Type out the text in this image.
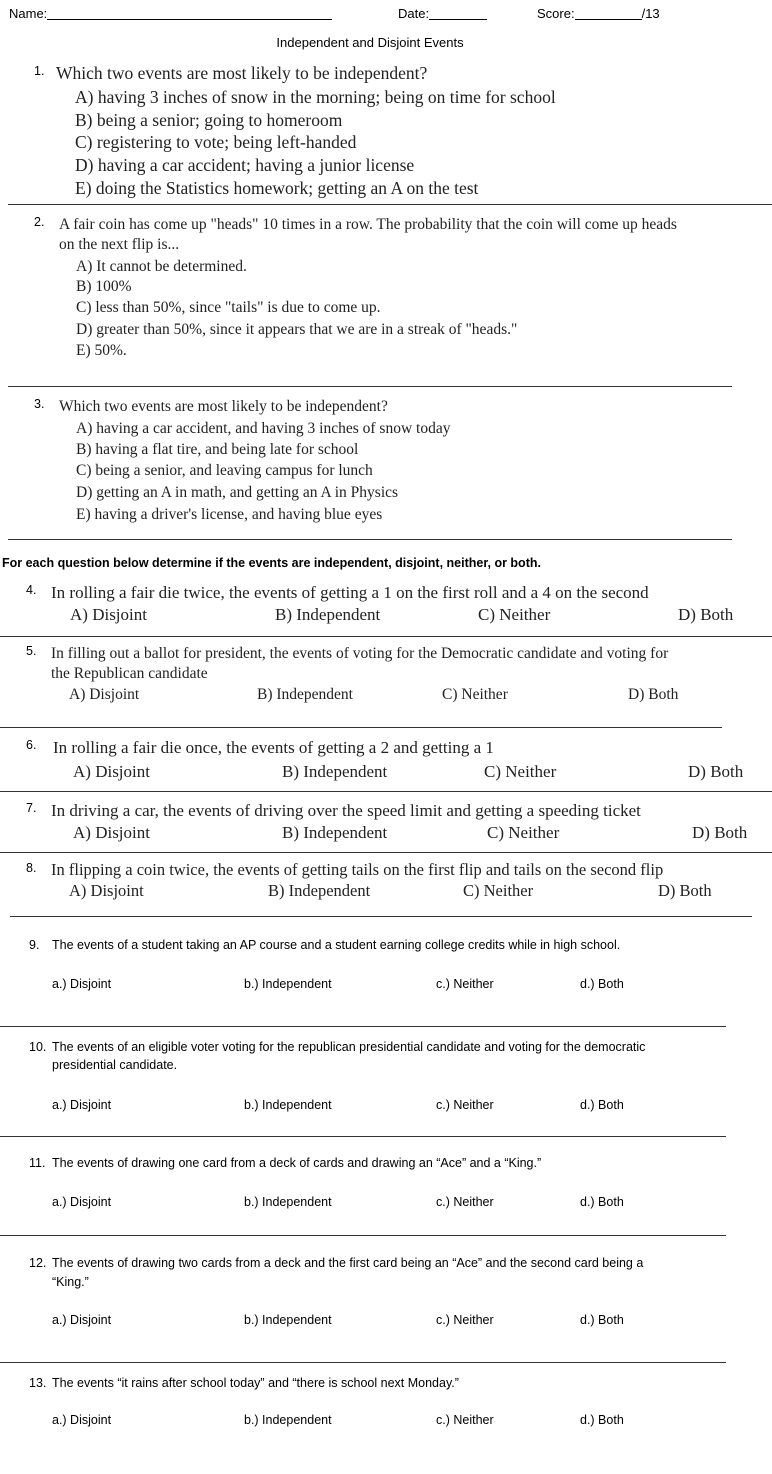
Name:	Date:	Score:	/13
Independent and Disjoint Events
For each question below determine if the events are independent, disjoint, neither, or both.
1. Which two events are most likely to be independent?
A) having 3 inches of snow in the morning; being on time for school
B) being a senior; going to homeroom
C) registering to vote; being left-handed
D) having a car accident; having a junior license
E) doing the Statistics homework; getting an A on the test
2. A fair coin has come up "heads" 10 times in a row. The probability that the coin will come up heads
on the next flip is...
A) It cannot be determined.
B) 100%
C) less than 50%, since "tails" is due to come up.
D) greater than 50%, since it appears that we are in a streak of "heads."
E) 50%.
3. Which two events are most likely to be independent?
A) having a car accident, and having 3 inches of snow today
B) having a flat tire, and being late for school
C) being a senior, and leaving campus for lunch
D) getting an A in math, and getting an A in Physics
E) having a driver's license, and having blue eyes
4. In rolling a fair die twice, the events of getting a 1 on the first roll and a 4 on the second
A) Disjoint	B) Independent	C) Neither	D) Both
5. In filling out a ballot for president, the events of voting for the Democratic candidate and voting for
the Republican candidate
A) Disjoint	B) Independent	C) Neither	D) Both
6. In rolling a fair die once, the events of getting a 2 and getting a 1
A) Disjoint	B) Independent	C) Neither	D) Both
7. In driving a car, the events of driving over the speed limit and getting a speeding ticket
A) Disjoint	B) Independent	C) Neither	D) Both
8. In flipping a coin twice, the events of getting tails on the first flip and tails on the second flip
A) Disjoint	B) Independent	C) Neither	D) Both
9. The events of a student taking an AP course and a student earning college credits while in high school.
a.) Disjoint	b.) Independent	c.) Neither	d.) Both
10. The events of an eligible voter voting for the republican presidential candidate and voting for the democratic
presidential candidate.
a.) Disjoint	b.) Independent	c.) Neither	d.) Both
11. The events of drawing one card from a deck of cards and drawing an “Ace” and a “King.”
a.) Disjoint	b.) Independent	c.) Neither	d.) Both
12. The events of drawing two cards from a deck and the first card being an “Ace” and the second card being a
“King.”
a.) Disjoint	b.) Independent	c.) Neither	d.) Both
13. The events “it rains after school today” and “there is school next Monday.”
a.) Disjoint	b.) Independent	c.) Neither	d.) Both
